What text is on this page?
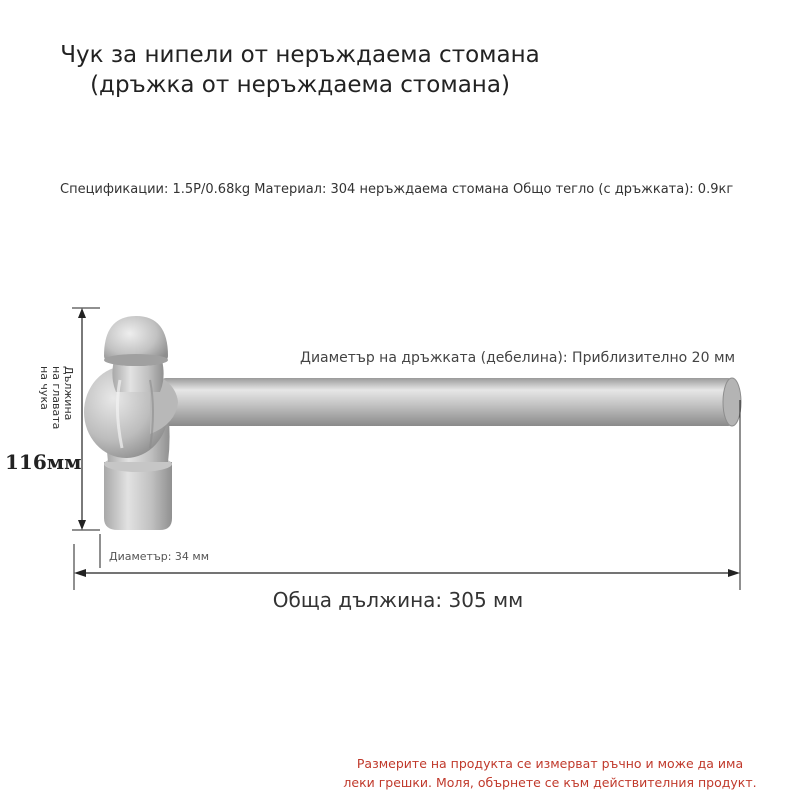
Чук за нипели от неръждаема стомана
(дръжка от неръждаема стомана)
Спецификации: 1.5P/0.68kg Материал: 304 неръждаема стомана Общо тегло (с дръжката): 0.9кг
Диаметър на дръжката (дебелина): Приблизително 20 мм
Дължина
на главата
на чука
116мм
Диаметър: 34 мм
Обща дължина: 305 мм
Размерите на продукта се измерват ръчно и може да има
леки грешки. Моля, обърнете се към действителния продукт.
